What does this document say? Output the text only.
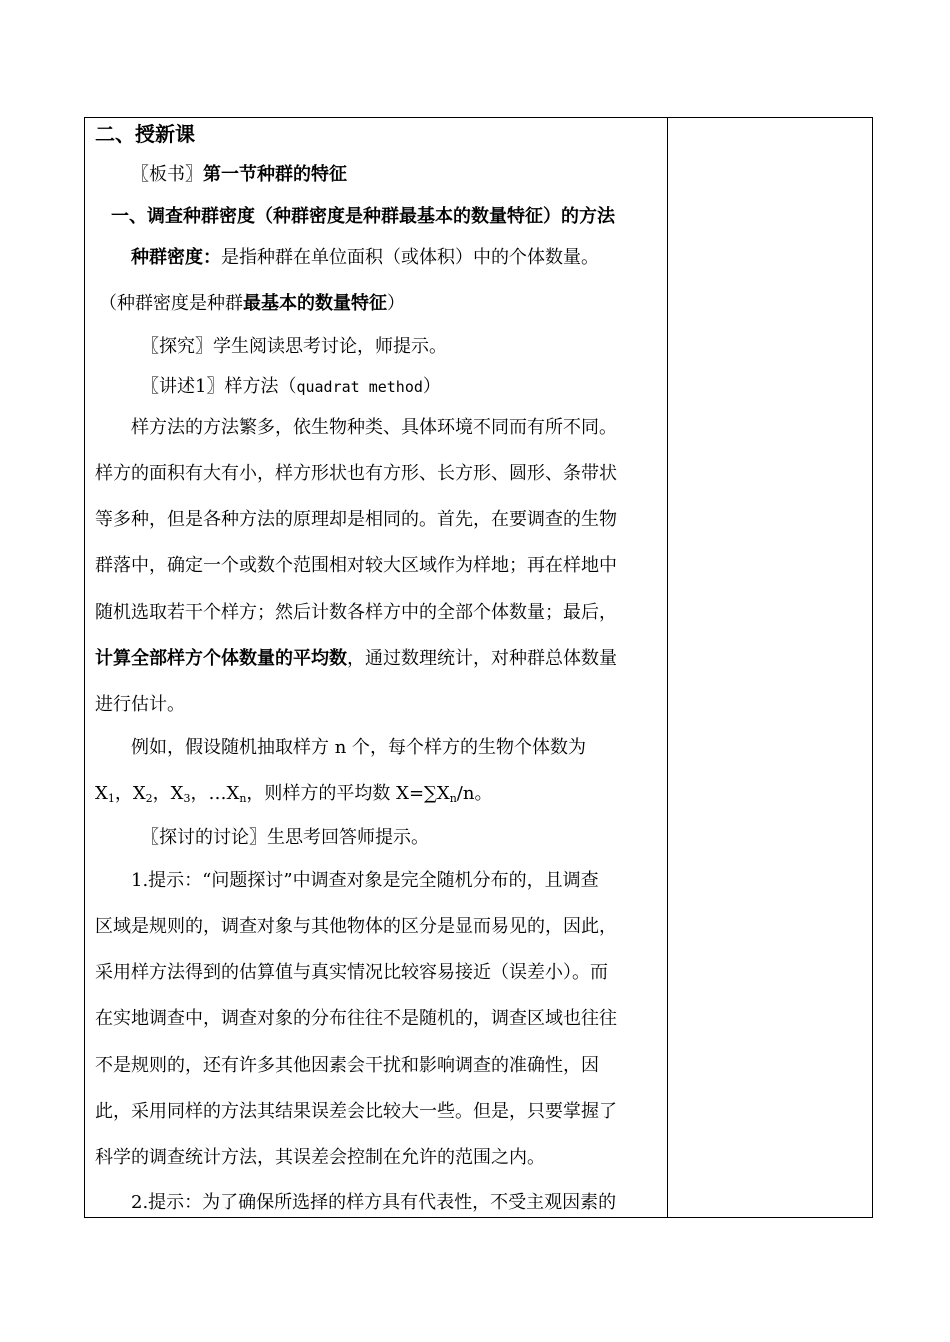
二、授新课
〖板书〗第一节种群的特征
一、调查种群密度（种群密度是种群最基本的数量特征）的方法
种群密度：是指种群在单位面积（或体积）中的个体数量。
（种群密度是种群最基本的数量特征）
〖探究〗学生阅读思考讨论，师提示。
〖讲述1〗样方法（quadrat method）
样方法的方法繁多，依生物种类、具体环境不同而有所不同。
样方的面积有大有小，样方形状也有方形、长方形、圆形、条带状
等多种，但是各种方法的原理却是相同的。首先，在要调查的生物
群落中，确定一个或数个范围相对较大区域作为样地；再在样地中
随机选取若干个样方；然后计数各样方中的全部个体数量；最后，
计算全部样方个体数量的平均数，通过数理统计，对种群总体数量
进行估计。
例如，假设随机抽取样方 n 个，每个样方的生物个体数为
$X_1$，$X_2$，$X_3$，$\dots X_n$，则样方的平均数 $X=\sum X_n/n$。
〖探讨的讨论〗生思考回答师提示。
1.提示：“问题探讨”中调查对象是完全随机分布的，且调查
区域是规则的，调查对象与其他物体的区分是显而易见的，因此，
采用样方法得到的估算值与真实情况比较容易接近（误差小）。而
在实地调查中，调查对象的分布往往不是随机的，调查区域也往往
不是规则的，还有许多其他因素会干扰和影响调查的准确性，因
此，采用同样的方法其结果误差会比较大一些。但是，只要掌握了
科学的调查统计方法，其误差会控制在允许的范围之内。
2.提示：为了确保所选择的样方具有代表性，不受主观因素的
